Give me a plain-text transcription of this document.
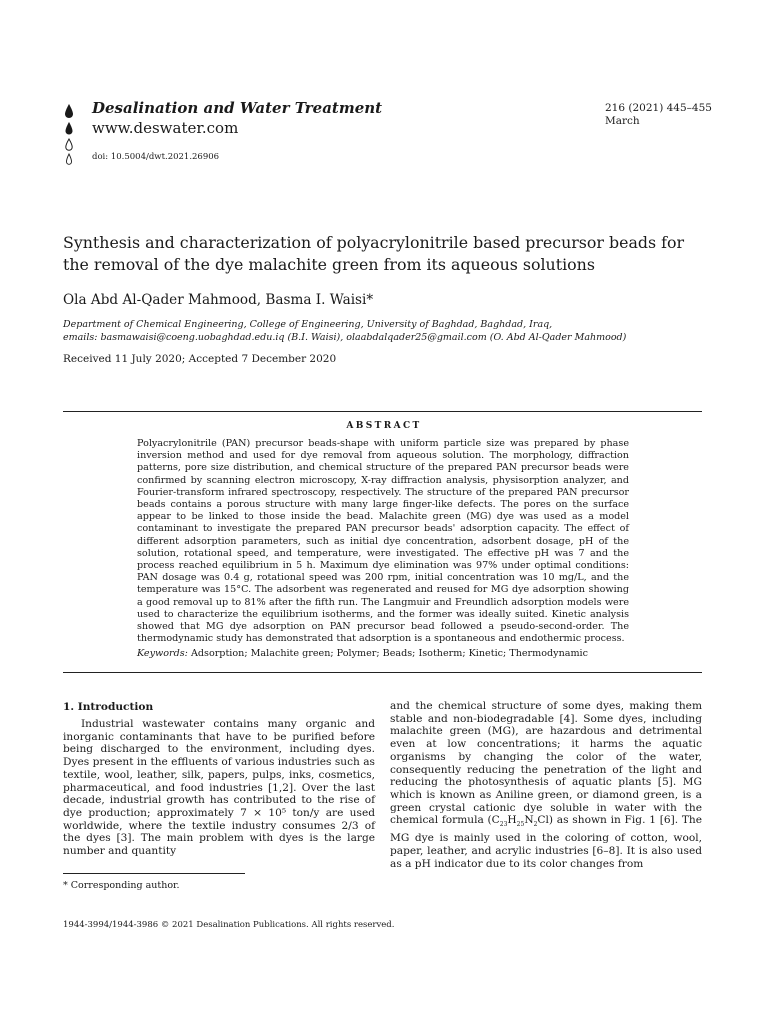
Desalination and Water Treatment
www.deswater.com
doi: 10.5004/dwt.2021.26906
216 (2021) 445–455
March
Synthesis and characterization of polyacrylonitrile based precursor beads for the removal of the dye malachite green from its aqueous solutions
Ola Abd Al-Qader Mahmood, Basma I. Waisi*
Department of Chemical Engineering, College of Engineering, University of Baghdad, Baghdad, Iraq,
emails: basmawaisi@coeng.uobaghdad.edu.iq (B.I. Waisi), olaabdalqader25@gmail.com (O. Abd Al-Qader Mahmood)
Received 11 July 2020; Accepted 7 December 2020
ABSTRACT
Polyacrylonitrile (PAN) precursor beads-shape with uniform particle size was prepared by phase inversion method and used for dye removal from aqueous solution. The morphology, diffraction patterns, pore size distribution, and chemical structure of the prepared PAN precursor beads were confirmed by scanning electron microscopy, X-ray diffraction analysis, physisorption analyzer, and Fourier-transform infrared spectroscopy, respectively. The structure of the prepared PAN precursor beads contains a porous structure with many large finger-like defects. The pores on the surface appear to be linked to those inside the bead. Malachite green (MG) dye was used as a model contaminant to investigate the prepared PAN precursor beads' adsorption capacity. The effect of different adsorption parameters, such as initial dye concentration, adsorbent dosage, pH of the solution, rotational speed, and temperature, were investigated. The effective pH was 7 and the process reached equilibrium in 5 h. Maximum dye elimination was 97% under optimal conditions: PAN dosage was 0.4 g, rotational speed was 200 rpm, initial concentration was 10 mg/L, and the temperature was 15°C. The adsorbent was regenerated and reused for MG dye adsorption showing a good removal up to 81% after the fifth run. The Langmuir and Freundlich adsorption models were used to characterize the equilibrium isotherms, and the former was ideally suited. Kinetic analysis showed that MG dye adsorption on PAN precursor bead followed a pseudo-second-order. The thermodynamic study has demonstrated that adsorption is a spontaneous and endothermic process.
Keywords: Adsorption; Malachite green; Polymer; Beads; Isotherm; Kinetic; Thermodynamic
1. Introduction

Industrial wastewater contains many organic and inorganic contaminants that have to be purified before being discharged to the environment, including dyes. Dyes present in the effluents of various industries such as textile, wool, leather, silk, papers, pulps, inks, cosmetics, pharmaceutical, and food industries [1,2]. Over the last decade, industrial growth has contributed to the rise of dye production; approximately 7 × 10⁵ ton/y are used worldwide, where the textile industry consumes 2/3 of the dyes [3]. The main problem with dyes is the large number and quantity

and the chemical structure of some dyes, making them stable and non-biodegradable [4]. Some dyes, including malachite green (MG), are hazardous and detrimental even at low concentrations; it harms the aquatic organisms by changing the color of the water, consequently reducing the penetration of the light and reducing the photosynthesis of aquatic plants [5]. MG which is known as Aniline green, or diamond green, is a green crystal cationic dye soluble in water with the chemical formula $(C_{23}H_{25}N_2Cl)$ as shown in Fig. 1 [6]. The MG dye is mainly used in the coloring of cotton, wool, paper, leather, and acrylic industries [6–8]. It is also used as a pH indicator due to its color changes from

* Corresponding author.
1944-3994/1944-3986 © 2021 Desalination Publications. All rights reserved.
